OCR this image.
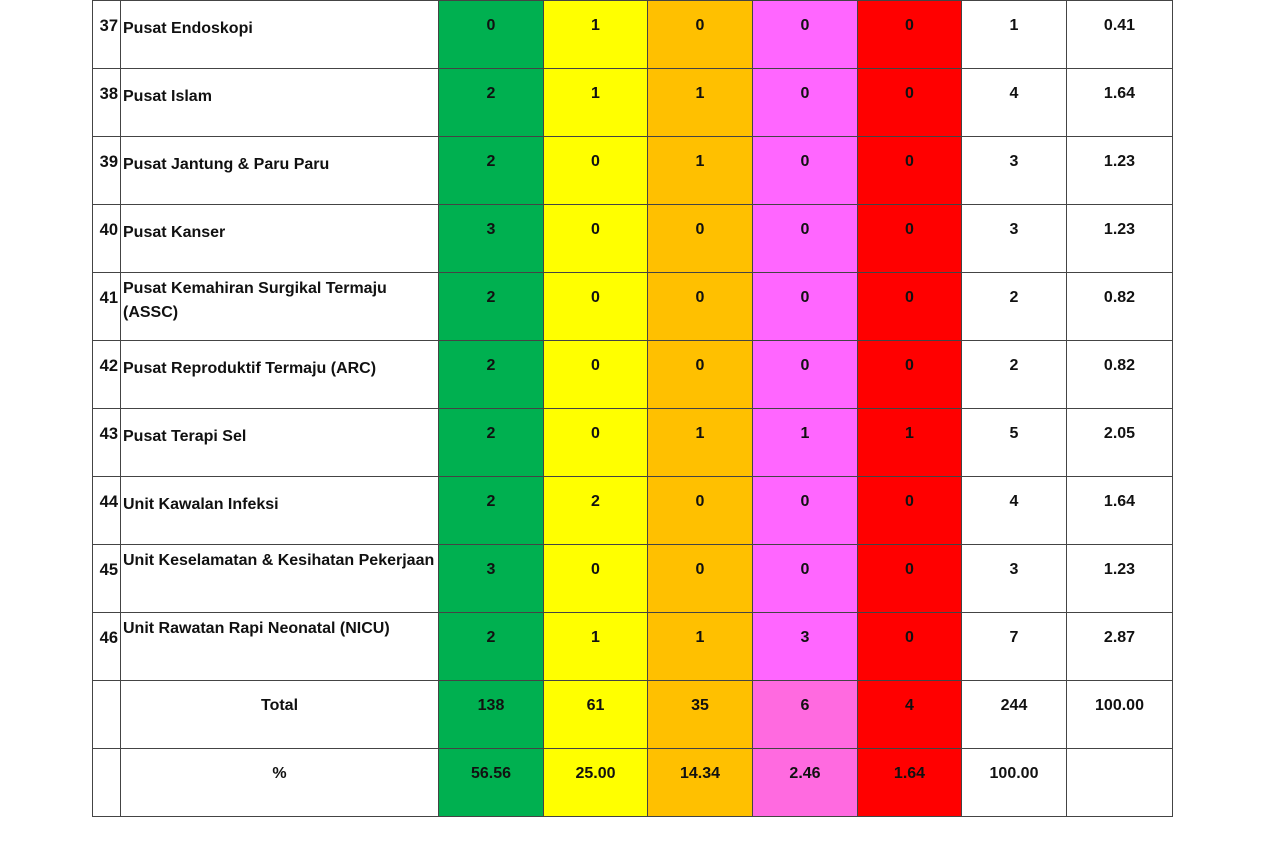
37	Pusat Endoskopi	0	1	0	0	0	1	0.41
38	Pusat Islam	2	1	1	0	0	4	1.64
39	Pusat Jantung & Paru Paru	2	0	1	0	0	3	1.23
40	Pusat Kanser	3	0	0	0	0	3	1.23
41	Pusat Kemahiran Surgikal Termaju (ASSC)	2	0	0	0	0	2	0.82
42	Pusat Reproduktif Termaju (ARC)	2	0	0	0	0	2	0.82
43	Pusat Terapi Sel	2	0	1	1	1	5	2.05
44	Unit Kawalan Infeksi	2	2	0	0	0	4	1.64
45	Unit Keselamatan & Kesihatan Pekerjaan	3	0	0	0	0	3	1.23
46	Unit Rawatan Rapi Neonatal (NICU)	2	1	1	3	0	7	2.87
	Total	138	61	35	6	4	244	100.00
	%	56.56	25.00	14.34	2.46	1.64	100.00	
